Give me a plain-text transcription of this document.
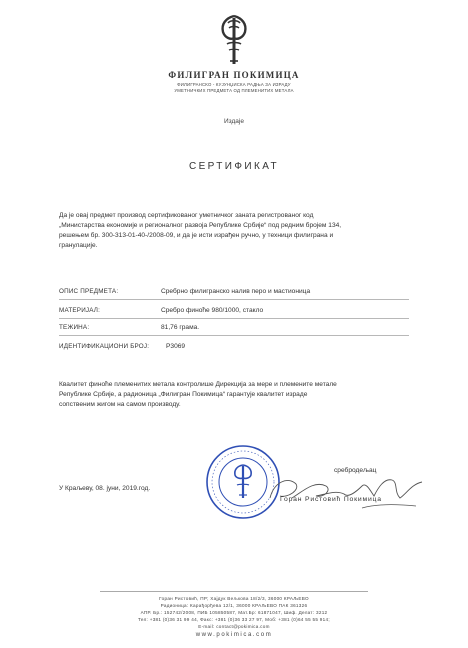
ФИЛИГРАН ПОКИМИЦА
ФИЛИГРАНСКО - КУЈУНЏИСКА РАДЊА ЗА ИЗРАДУ
УМЕТНИЧКИХ ПРЕДМЕТА ОД ПЛЕМЕНИТИХ МЕТАЛА
Издаје
СЕРТИФИКАТ
Да је овај предмет производ сертификованог уметничког заната регистрованог код
„Министарства економије и регионалног развоја Републике Србије“ под редним бројем 134,
решењем бр. 300-313-01-40-/2008-09, и да је исти израђен ручно, у техници филиграна и
гранулације.
ОПИС ПРЕДМЕТА:	Сребрно филигранско налив перо и мастионица
МАТЕРИЈАЛ:	Сребро финоће 980/1000, стакло
ТЕЖИНА:	81,76 грама.
ИДЕНТИФИКАЦИОНИ БРОЈ:	P3069
Квалитет финоће племенитих метала контролише Дирекција за мере и племените метале
Републике Србије, а радионица „Филигран Покимица“ гарантује квалитет израде
сопственим жигом на самом производу.
У Краљеву, 08. јуни, 2019.год.
сребродељац
Горан Ристовић Покимица
Горан Ристовић, ПР; Хајдук Вељкова 18/2/3, 36000 КРАЉЕВО
Радионица: Карађорђева 12/1, 36000 КРАЉЕВО ПАК 361326
АПР. Бр.: 152742/2008, ПИБ 105850587, Мат.Бр: 61871047, Шиф. Делат: 3212
Тел: +381 (0)36 31 99 44, Факс: +381 (0)36 33 27 97, Моб: +381 (0)64 55 55 914;
E-mail: contact@pokimica.com
www.pokimica.com
